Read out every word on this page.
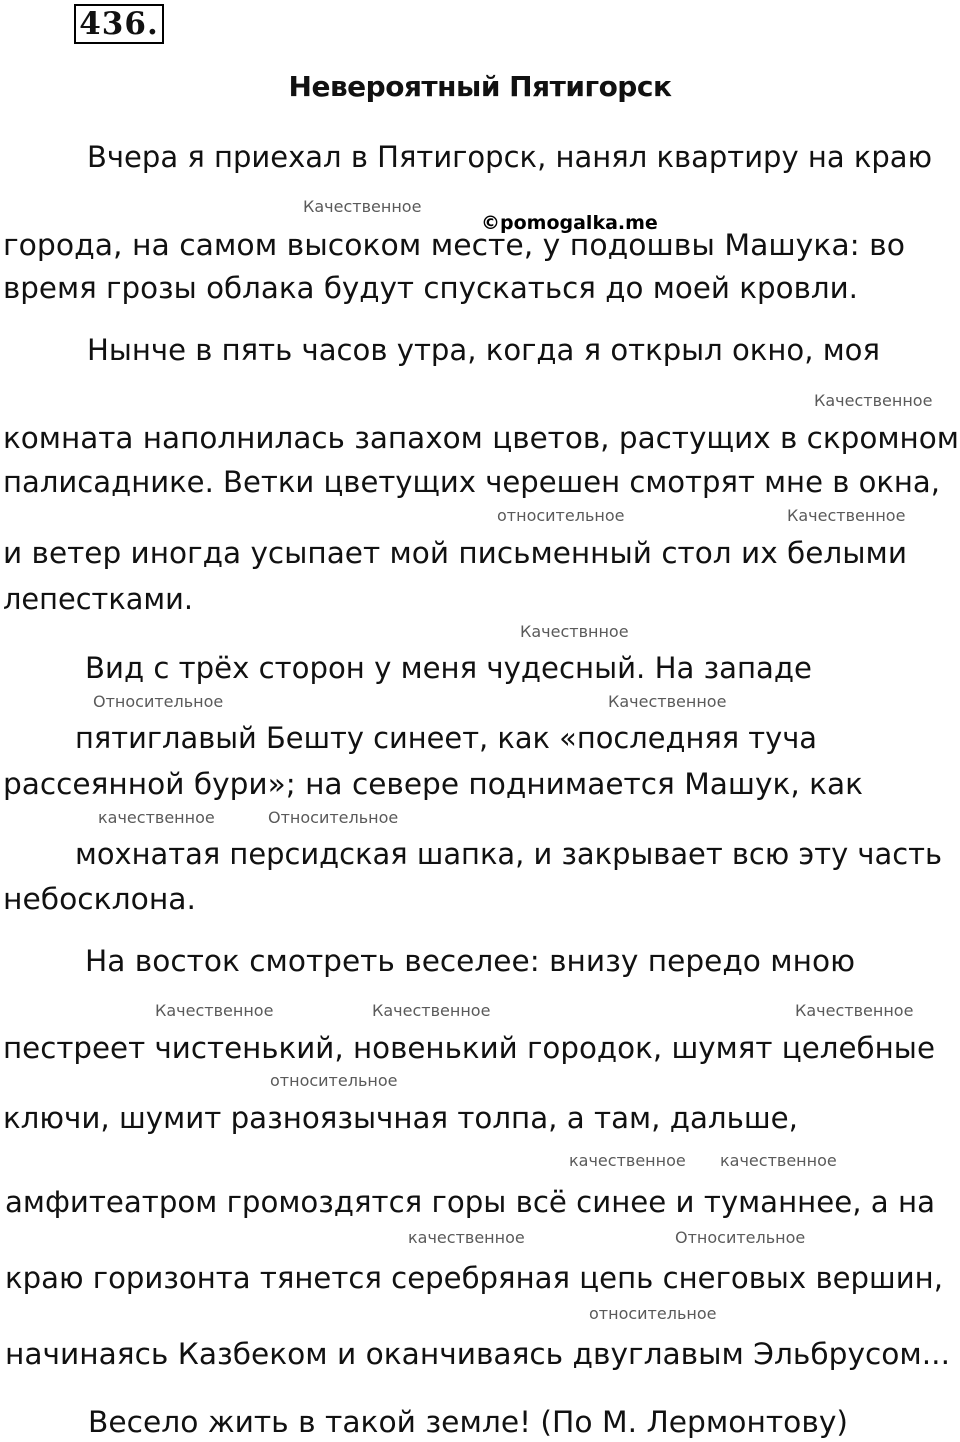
436.
Невероятный Пятигорск
©pomogalka.me
Вчера я приехал в Пятигорск, нанял квартиру на краю
города, на самом высоком месте, у подошвы Машука: во
время грозы облака будут спускаться до моей кровли.
Нынче в пять часов утра, когда я открыл окно, моя
комната наполнилась запахом цветов, растущих в скромном
палисаднике. Ветки цветущих черешен смотрят мне в окна,
и ветер иногда усыпает мой письменный стол их белыми
лепестками.
Вид с трёх сторон у меня чудесный. На западе
пятиглавый Бешту синеет, как «последняя туча
рассеянной бури»; на севере поднимается Машук, как
мохнатая персидская шапка, и закрывает всю эту часть
небосклона.
На восток смотреть веселее: внизу передо мною
пестреет чистенький, новенький городок, шумят целебные
ключи, шумит разноязычная толпа, а там, дальше,
амфитеатром громоздятся горы всё синее и туманнее, а на
краю горизонта тянется серебряная цепь снеговых вершин,
начинаясь Казбеком и оканчиваясь двуглавым Эльбрусом...
Весело жить в такой земле! (По М. Лермонтову)
Качественное
Качественное
относительное	Качественное
Качествнное
Относительное	Качественное
качественное	Относительное
Качественное	Качественное	Качественное
относительное
качественное качественное
качественное	Относительное
относительное
